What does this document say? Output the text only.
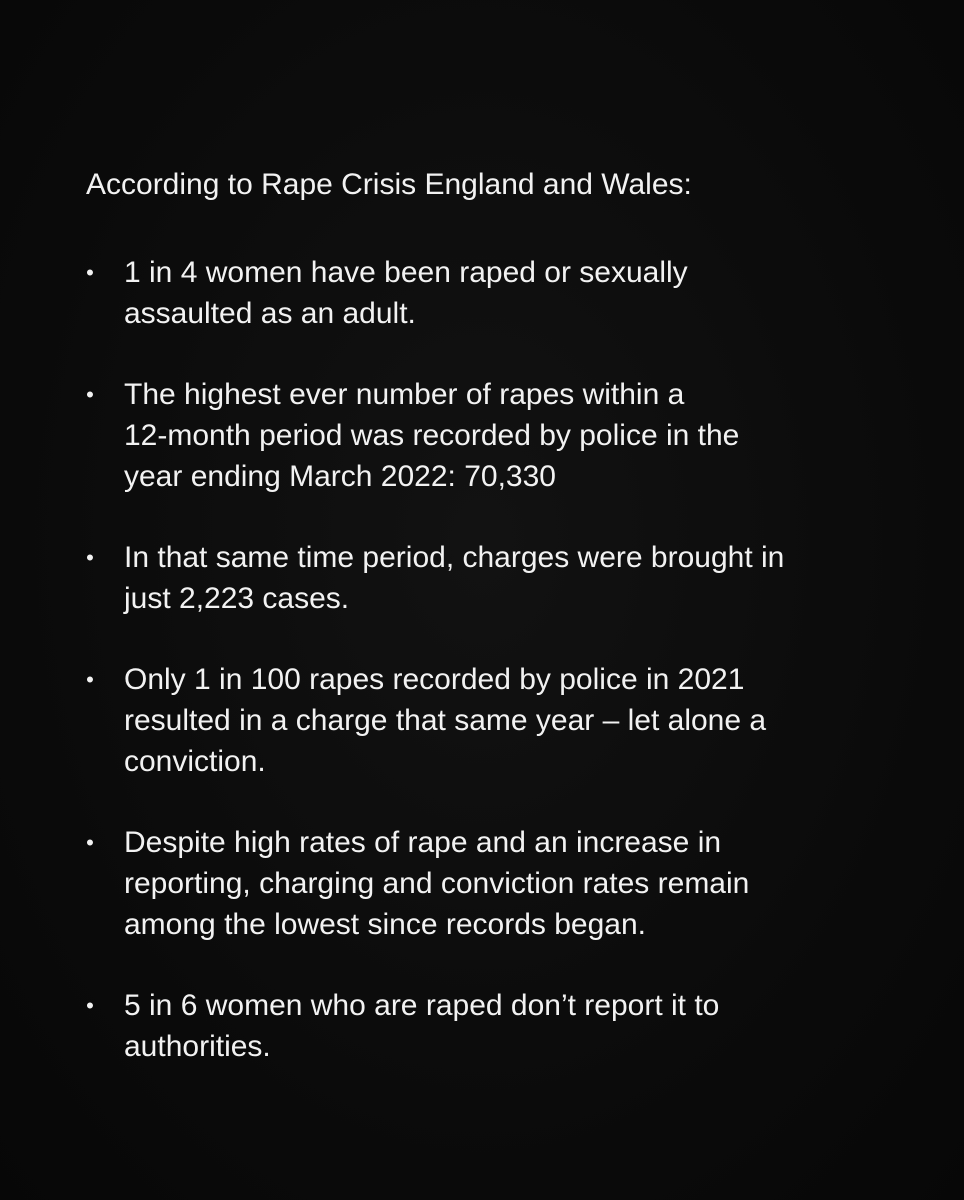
According to Rape Crisis England and Wales:

• 1 in 4 women have been raped or sexually
assaulted as an adult.
• The highest ever number of rapes within a
12-month period was recorded by police in the
year ending March 2022: 70,330
• In that same time period, charges were brought in
just 2,223 cases.
• Only 1 in 100 rapes recorded by police in 2021
resulted in a charge that same year – let alone a
conviction.
• Despite high rates of rape and an increase in
reporting, charging and conviction rates remain
among the lowest since records began.
• 5 in 6 women who are raped don’t report it to
authorities.
